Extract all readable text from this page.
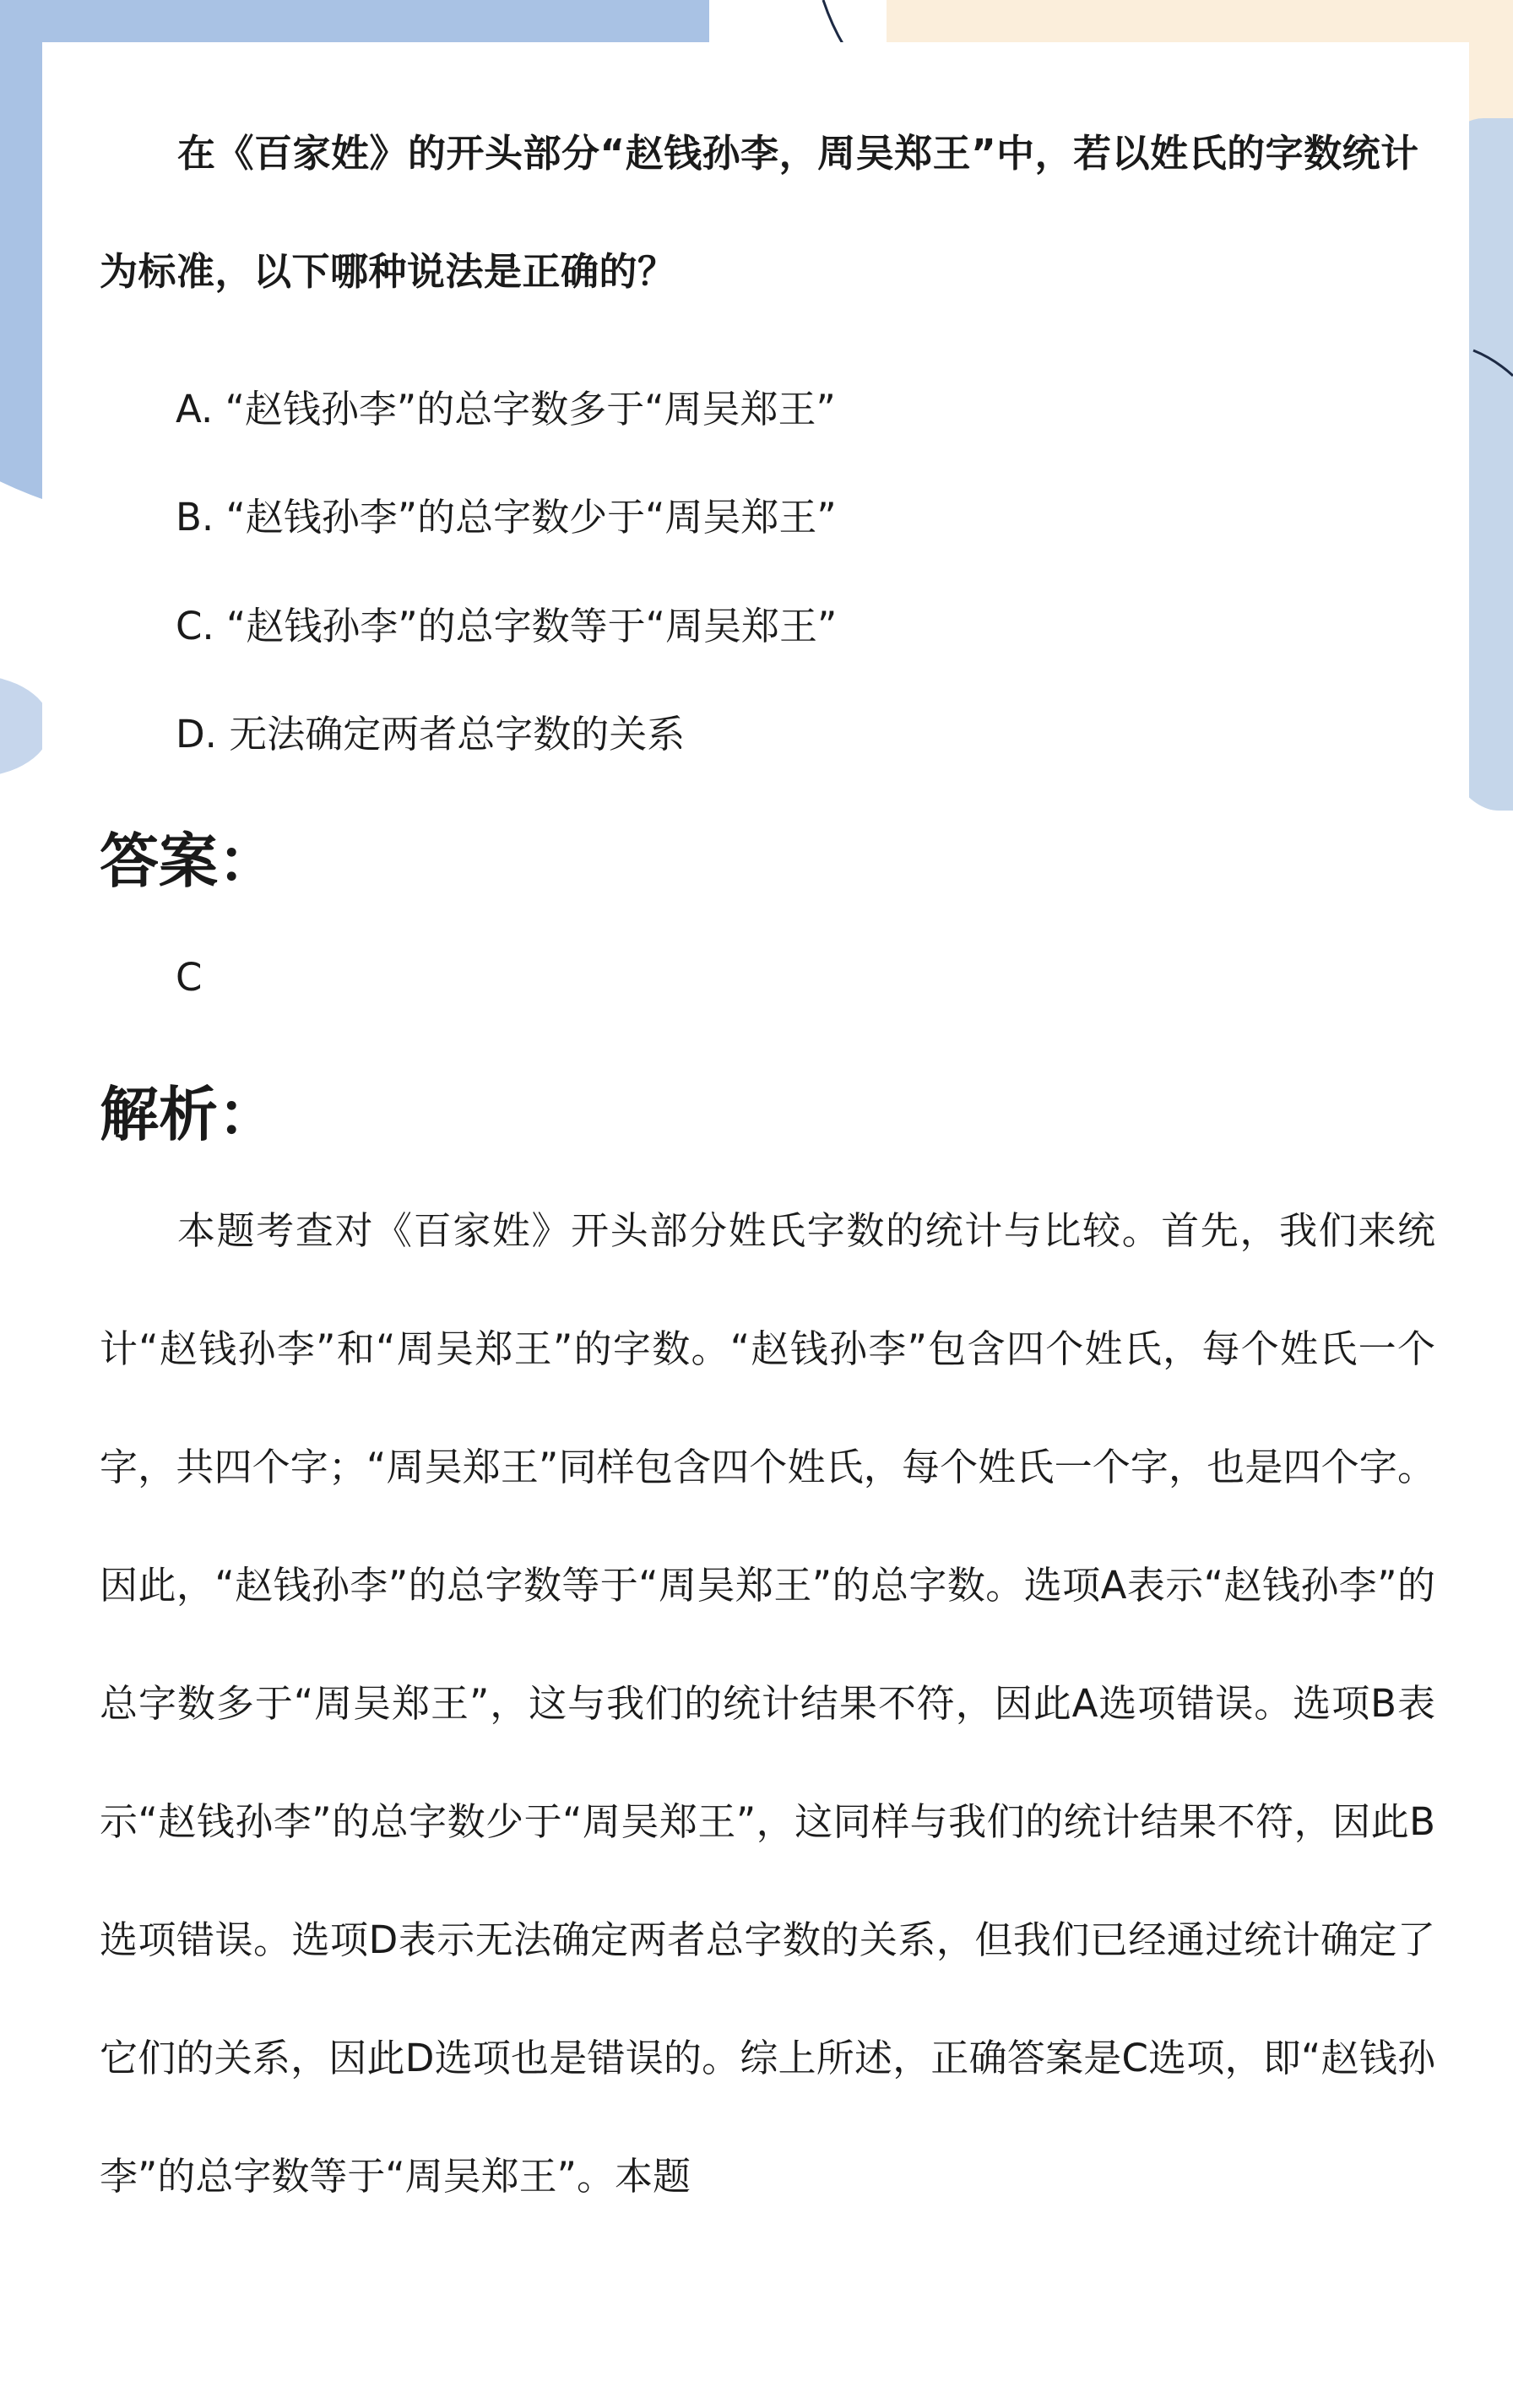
在《百家姓》的开头部分“赵钱孙李，周吴郑王”中，若以姓氏的字数统计为标准，以下哪种说法是正确的？

A. “赵钱孙李”的总字数多于“周吴郑王”

B. “赵钱孙李”的总字数少于“周吴郑王”

C. “赵钱孙李”的总字数等于“周吴郑王”

D. 无法确定两者总字数的关系

答案：

C

解析：

本题考查对《百家姓》开头部分姓氏字数的统计与比较。首先，我们来统计“赵钱孙李”和“周吴郑王”的字数。“赵钱孙李”包含四个姓氏，每个姓氏一个字，共四个字；“周吴郑王”同样包含四个姓氏，每个姓氏一个字，也是四个字。因此，“赵钱孙李”的总字数等于“周吴郑王”的总字数。选项A表示“赵钱孙李”的总字数多于“周吴郑王”，这与我们的统计结果不符，因此A选项错误。选项B表示“赵钱孙李”的总字数少于“周吴郑王”，这同样与我们的统计结果不符，因此B选项错误。选项D表示无法确定两者总字数的关系，但我们已经通过统计确定了它们的关系，因此D选项也是错误的。综上所述，正确答案是C选项，即“赵钱孙李”的总字数等于“周吴郑王”。本题
